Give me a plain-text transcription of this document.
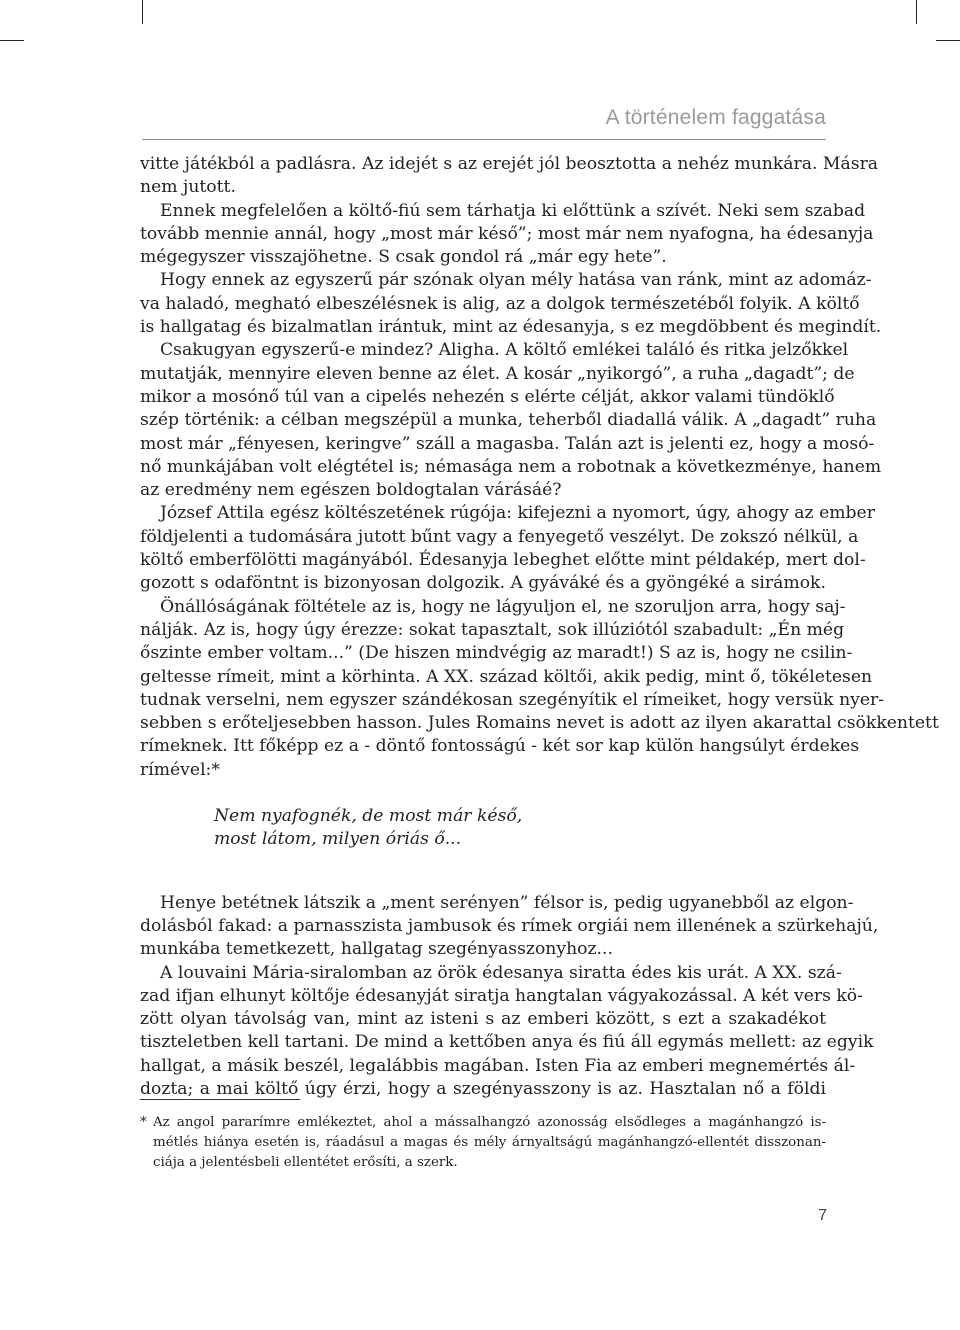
A történelem faggatása

vitte játékból a padlásra. Az idejét s az erejét jól beosztotta a nehéz munkára. Másra
nem jutott.

Ennek megfelelően a költő-fiú sem tárhatja ki előttünk a szívét. Neki sem szabad
tovább mennie annál, hogy „most már késő”; most már nem nyafogna, ha édesanyja
mégegyszer visszajöhetne. S csak gondol rá „már egy hete”.

Hogy ennek az egyszerű pár szónak olyan mély hatása van ránk, mint az adomáz-
va haladó, megható elbeszélésnek is alig, az a dolgok természetéből folyik. A költő
is hallgatag és bizalmatlan irántuk, mint az édesanyja, s ez megdöbbent és megindít.
Csakugyan egyszerű-e mindez? Aligha. A költő emlékei találó és ritka jelzőkkel
mutatják, mennyire eleven benne az élet. A kosár „nyikorgó”, a ruha „dagadt”; de
mikor a mosónő túl van a cipelés nehezén s elérte célját, akkor valami tündöklő
szép történik: a célban megszépül a munka, teherből diadallá válik. A „dagadt” ruha
most már „fényesen, keringve” száll a magasba. Talán azt is jelenti ez, hogy a mosó-
nő munkájában volt elégtétel is; némasága nem a robotnak a következménye, hanem
az eredmény nem egészen boldogtalan várásáé?

József Attila egész költészetének rúgója: kifejezni a nyomort, úgy, ahogy az ember
földjelenti a tudomására jutott bűnt vagy a fenyegető veszélyt. De zokszó nélkül, a
költő emberfölötti magányából. Édesanyja lebeghet előtte mint példakép, mert dol-
gozott s odaföntnt is bizonyosan dolgozik. A gyáváké és a gyöngéké a sirámok.

Önállóságának föltétele az is, hogy ne lágyuljon el, ne szoruljon arra, hogy saj-
nálják. Az is, hogy úgy érezze: sokat tapasztalt, sok illúziótól szabadult: „Én még
őszinte ember voltam...” (De hiszen mindvégig az maradt!) S az is, hogy ne csilin-
geltesse rímeit, mint a körhinta. A XX. század költői, akik pedig, mint ő, tökéletesen
tudnak verselni, nem egyszer szándékosan szegényítik el rímeiket, hogy versük nyer-
sebben s erőteljesebben hasson. Jules Romains nevet is adott az ilyen akarattal csökkentett
rímeknek. Itt főképp ez a - döntő fontosságú - két sor kap külön hangsúlyt érdekes
rímével:*

Nem nyafognék, de most már késő,
most látom, milyen óriás ő...

Henye betétnek látszik a „ment serényen” félsor is, pedig ugyanebből az elgon-
dolásból fakad: a parnasszista jambusok és rímek orgiái nem illenének a szürkehajú,
munkába temetkezett, hallgatag szegényasszonyhoz...

A louvaini Mária-siralomban az örök édesanya siratta édes kis urát. A XX. szá-
zad ifjan elhunyt költője édesanyját siratja hangtalan vágyakozással. A két vers kö-
zött olyan távolság van, mint az isteni s az emberi között, s ezt a szakadékot
tiszteletben kell tartani. De mind a kettőben anya és fiú áll egymás mellett: az egyik
hallgat, a másik beszél, legalábbis magában. Isten Fia az emberi megnemértés ál-
dozta; a mai költő úgy érzi, hogy a szegényasszony is az. Hasztalan nő a földi

* Az angol pararímre emlékeztet, ahol a mássalhangzó azonosság elsődleges a magánhangzó is-
métlés hiánya esetén is, ráadásul a magas és mély árnyaltságú magánhangzó-ellentét disszonan-
ciája a jelentésbeli ellentétet erősíti, a szerk.
7
